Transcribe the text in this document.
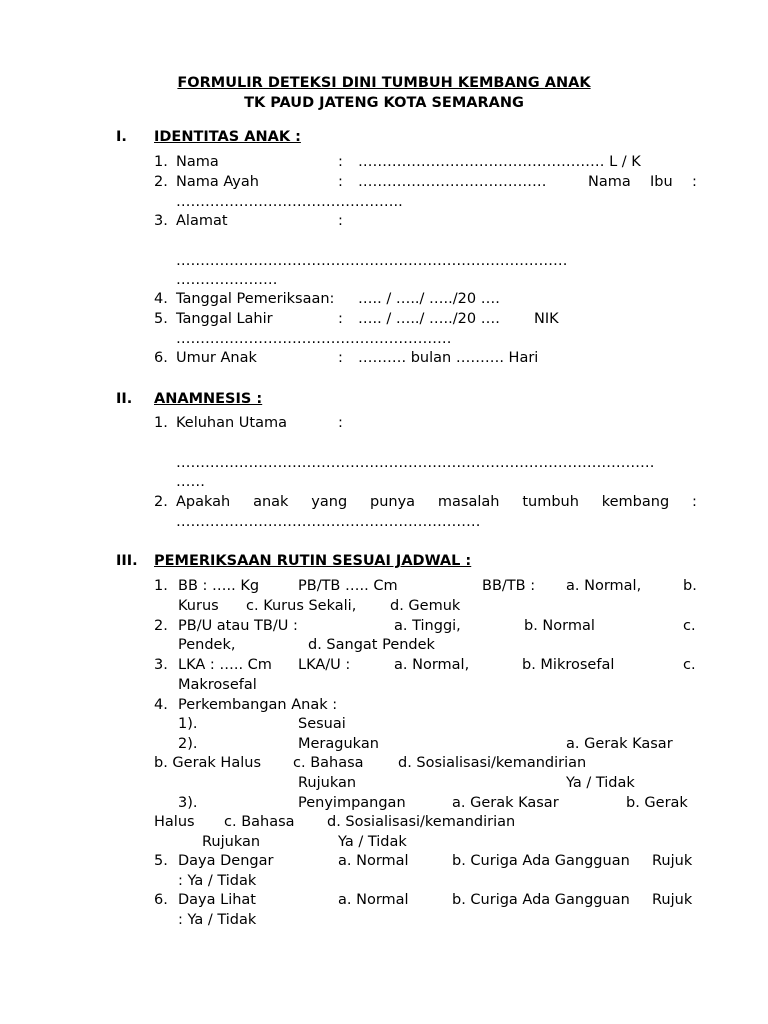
FORMULIR DETEKSI DINI TUMBUH KEMBANG ANAK
TK PAUD JATENG KOTA SEMARANG
I. IDENTITAS ANAK :
1. Nama	: …………………………………………… L / K
2. Nama Ayah	: …………………………………	Nama Ibu :
………………………………………..
3. Alamat	:
………………………………………………………………………
…………………
4. Tanggal Pemeriksaan: ….. / …../ …../20 ….
5. Tanggal Lahir	: ….. / …../ …../20 …. NIK
…………………………………………………
6. Umur Anak	: ………. bulan ………. Hari
II. ANAMNESIS :
1. Keluhan Utama	:
………………………………………………………………………………………
……
2. Apakah anak yang punya masalah tumbuh kembang :
………………………………………………………
III. PEMERIKSAAN RUTIN SESUAI JADWAL :
1. BB : ….. Kg	PB/TB ….. Cm	BB/TB : a. Normal,	b.
Kurus c. Kurus Sekali, d. Gemuk
2. PB/U atau TB/U :	a. Tinggi,	b. Normal	c.
Pendek,	d. Sangat Pendek
3. LKA : ….. Cm LKA/U :	a. Normal,	b. Mikrosefal	c.
Makrosefal
4. Perkembangan Anak :
1).	Sesuai
2).	Meragukan	a. Gerak Kasar
b. Gerak Halus c. Bahasa d. Sosialisasi/kemandirian
Rujukan	Ya / Tidak
3).	Penyimpangan	a. Gerak Kasar	b. Gerak
Halus c. Bahasa d. Sosialisasi/kemandirian
Rujukan	Ya / Tidak
5. Daya Dengar	a. Normal	b. Curiga Ada Gangguan Rujuk
: Ya / Tidak
6. Daya Lihat	a. Normal	b. Curiga Ada Gangguan Rujuk
: Ya / Tidak
